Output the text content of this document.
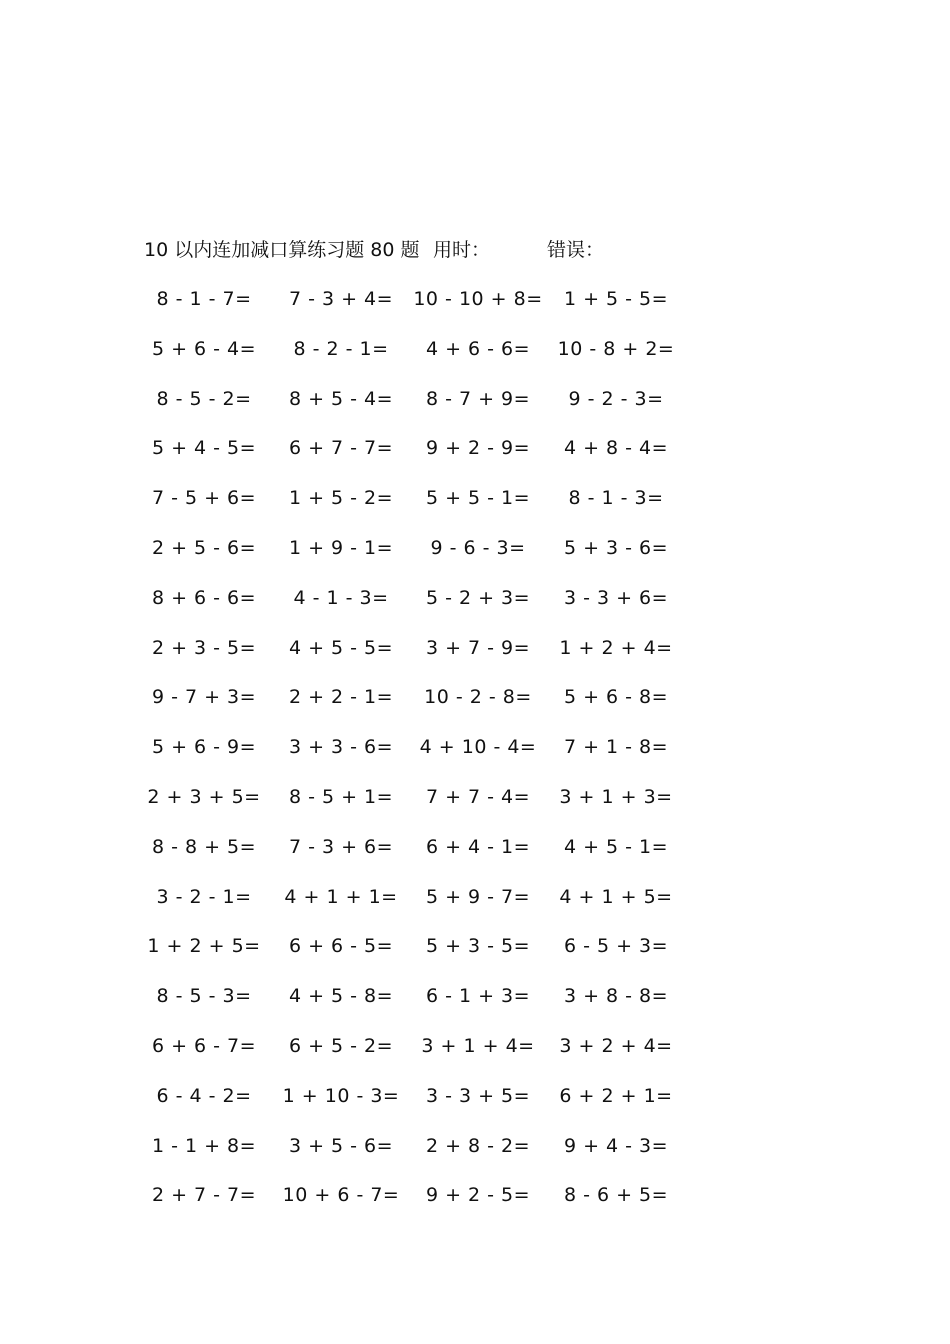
10 以内连加减口算练习题 80 题 用时：	错误：
8 - 1 - 7=	7 - 3 + 4=	10 - 10 + 8=	1 + 5 - 5=
5 + 6 - 4=	8 - 2 - 1=	4 + 6 - 6=	10 - 8 + 2=
8 - 5 - 2=	8 + 5 - 4=	8 - 7 + 9=	9 - 2 - 3=
5 + 4 - 5=	6 + 7 - 7=	9 + 2 - 9=	4 + 8 - 4=
7 - 5 + 6=	1 + 5 - 2=	5 + 5 - 1=	8 - 1 - 3=
2 + 5 - 6=	1 + 9 - 1=	9 - 6 - 3=	5 + 3 - 6=
8 + 6 - 6=	4 - 1 - 3=	5 - 2 + 3=	3 - 3 + 6=
2 + 3 - 5=	4 + 5 - 5=	3 + 7 - 9=	1 + 2 + 4=
9 - 7 + 3=	2 + 2 - 1=	10 - 2 - 8=	5 + 6 - 8=
5 + 6 - 9=	3 + 3 - 6=	4 + 10 - 4=	7 + 1 - 8=
2 + 3 + 5=	8 - 5 + 1=	7 + 7 - 4=	3 + 1 + 3=
8 - 8 + 5=	7 - 3 + 6=	6 + 4 - 1=	4 + 5 - 1=
3 - 2 - 1=	4 + 1 + 1=	5 + 9 - 7=	4 + 1 + 5=
1 + 2 + 5=	6 + 6 - 5=	5 + 3 - 5=	6 - 5 + 3=
8 - 5 - 3=	4 + 5 - 8=	6 - 1 + 3=	3 + 8 - 8=
6 + 6 - 7=	6 + 5 - 2=	3 + 1 + 4=	3 + 2 + 4=
6 - 4 - 2=	1 + 10 - 3=	3 - 3 + 5=	6 + 2 + 1=
1 - 1 + 8=	3 + 5 - 6=	2 + 8 - 2=	9 + 4 - 3=
2 + 7 - 7=	10 + 6 - 7=	9 + 2 - 5=	8 - 6 + 5=
